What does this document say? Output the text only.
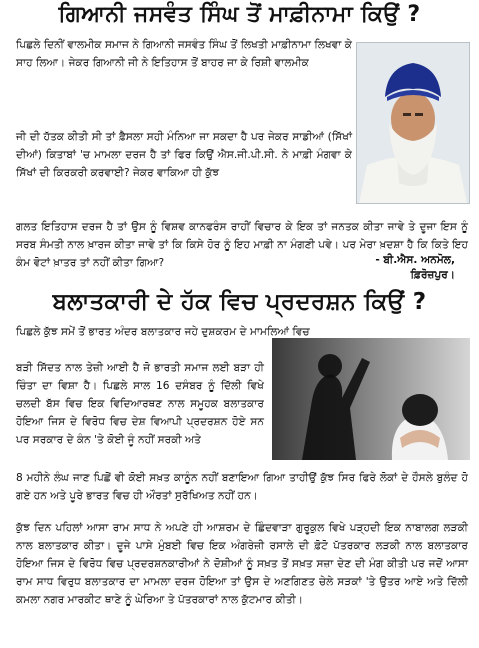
ਗਿਆਨੀ ਜਸਵੰਤ ਸਿੰਘ ਤੋਂ ਮਾਫ਼ੀਨਾਮਾ ਕਿਉਂ ?

ਪਿਛਲੇ ਦਿਨੀਂ ਵਾਲਮੀਕ ਸਮਾਜ ਨੇ ਗਿਆਨੀ ਜਸਵੰਤ ਸਿੰਘ ਤੋਂ ਲਿਖਤੀ ਮਾਫ਼ੀਨਾਮਾ ਲਿਖਵਾ ਕੇ ਸਾਹ ਲਿਆ। ਜੇਕਰ ਗਿਆਨੀ ਜੀ ਨੇ ਇਤਿਹਾਸ ਤੋਂ ਬਾਹਰ ਜਾ ਕੇ ਰਿਸ਼ੀ ਵਾਲਮੀਕ

ਜੀ ਦੀ ਹੱਤਕ ਕੀਤੀ ਸੀ ਤਾਂ ਫ਼ੈਸਲਾ ਸਹੀ ਮੰਨਿਆ ਜਾ ਸਕਦਾ ਹੈ ਪਰ ਜੇਕਰ ਸਾਡੀਆਂ (ਸਿੱਖਾਂ ਦੀਆਂ) ਕਿਤਾਬਾਂ 'ਚ ਮਾਮਲਾ ਦਰਜ ਹੈ ਤਾਂ ਫਿਰ ਕਿਉਂ ਐਸ.ਜੀ.ਪੀ.ਸੀ. ਨੇ ਮਾਫ਼ੀ ਮੰਗਵਾ ਕੇ ਸਿੱਖਾਂ ਦੀ ਕਿਰਕਰੀ ਕਰਵਾਈ? ਜੇਕਰ ਵਾਕਿਆ ਹੀ ਕੁੱਝ

ਗਲਤ ਇਤਿਹਾਸ ਦਰਜ ਹੈ ਤਾਂ ਉਸ ਨੂੰ ਵਿਸ਼ਵ ਕਾਨਫਰੰਸ ਰਾਹੀਂ ਵਿਚਾਰ ਕੇ ਇਕ ਤਾਂ ਜਨਤਕ ਕੀਤਾ ਜਾਵੇ ਤੇ ਦੂਜਾ ਇਸ ਨੂੰ ਸਰਬ ਸੰਮਤੀ ਨਾਲ ਖ਼ਾਰਜ ਕੀਤਾ ਜਾਵੇ ਤਾਂ ਕਿ ਕਿਸੇ ਹੋਰ ਨੂੰ ਇਹ ਮਾਫ਼ੀ ਨਾ ਮੰਗਣੀ ਪਵੇ। ਪਰ ਮੇਰਾ ਖ਼ਦਸ਼ਾ ਹੈ ਕਿ ਕਿਤੇ ਇਹ ਕੰਮ ਵੋਟਾਂ ਖ਼ਾਤਰ ਤਾਂ ਨਹੀਂ ਕੀਤਾ ਗਿਆ?	- ਬੀ.ਐਸ. ਅਨਮੋਲ,
ਫ਼ਿਰੋਜ਼ਪੁਰ।
ਬਲਾਤਕਾਰੀ ਦੇ ਹੱਕ ਵਿਚ ਪ੍ਰਦਰਸ਼ਨ ਕਿਉਂ ?

ਪਿਛਲੇ ਕੁੱਝ ਸਮੇਂ ਤੋਂ ਭਾਰਤ ਅੰਦਰ ਬਲਾਤਕਾਰ ਜਹੇ ਦੁਸ਼ਕਰਮ ਦੇ ਮਾਮਲਿਆਂ ਵਿਚ

ਬੜੀ ਸਿੱਦਤ ਨਾਲ ਤੇਜ਼ੀ ਆਈ ਹੈ ਜੋ ਭਾਰਤੀ ਸਮਾਜ ਲਈ ਬੜਾ ਹੀ ਚਿੰਤਾ ਦਾ ਵਿਸ਼ਾ ਹੈ। ਪਿਛਲੇ ਸਾਲ 16 ਦਸੰਬਰ ਨੂੰ ਦਿੱਲੀ ਵਿਖੇ ਚਲਦੀ ਬੱਸ ਵਿਚ ਇਕ ਵਿਦਿਆਰਥਣ ਨਾਲ ਸਮੂਹਕ ਬਲਾਤਕਾਰ ਹੋਇਆ ਜਿਸ ਦੇ ਵਿਰੋਧ ਵਿਚ ਦੇਸ਼ ਵਿਆਪੀ ਪ੍ਰਦਰਸ਼ਨ ਹੋਏ ਸਨ ਪਰ ਸਰਕਾਰ ਦੇ ਕੰਨ 'ਤੇ ਕੋਈ ਜੂੰ ਨਹੀਂ ਸਰਕੀ ਅਤੇ

8 ਮਹੀਨੇ ਲੰਘ ਜਾਣ ਪਿਛੋਂ ਵੀ ਕੋਈ ਸਖ਼ਤ ਕਾਨੂੰਨ ਨਹੀਂ ਬਣਾਇਆ ਗਿਆ ਤਾਹੀਉਂ ਕੁੱਝ ਸਿਰ ਫਿਰੇ ਲੋਕਾਂ ਦੇ ਹੌਸਲੇ ਬੁਲੰਦ ਹੋ ਗਏ ਹਨ ਅਤੇ ਪੂਰੇ ਭਾਰਤ ਵਿਚ ਹੀ ਔਰਤਾਂ ਸੁਰੱਖਿਅਤ ਨਹੀਂ ਹਨ।

ਕੁੱਝ ਦਿਨ ਪਹਿਲਾਂ ਆਸਾ ਰਾਮ ਸਾਧ ਨੇ ਅਪਣੇ ਹੀ ਆਸ਼ਰਮ ਦੇ ਛਿੰਦਵਾੜਾ ਗੁਰੂਕੁਲ ਵਿਖੇ ਪੜ੍ਹਦੀ ਇਕ ਨਾਬਾਲਗ ਲੜਕੀ ਨਾਲ ਬਲਾਤਕਾਰ ਕੀਤਾ। ਦੂਜੇ ਪਾਸੇ ਮੁੰਬਈ ਵਿਚ ਇਕ ਅੰਗਰੇਜ਼ੀ ਰਸਾਲੇ ਦੀ ਫ਼ੋਟੋ ਪੱਤਰਕਾਰ ਲੜਕੀ ਨਾਲ ਬਲਾਤਕਾਰ ਹੋਇਆ ਜਿਸ ਦੇ ਵਿਰੋਧ ਵਿਚ ਪ੍ਰਦਰਸ਼ਨਕਾਰੀਆਂ ਨੇ ਦੋਸ਼ੀਆਂ ਨੂੰ ਸਖ਼ਤ ਤੋਂ ਸਖ਼ਤ ਸਜ਼ਾ ਦੇਣ ਦੀ ਮੰਗ ਕੀਤੀ ਪਰ ਜਦੋਂ ਆਸਾ ਰਾਮ ਸਾਧ ਵਿਰੁਧ ਬਲਾਤਕਾਰ ਦਾ ਮਾਮਲਾ ਦਰਜ ਹੋਇਆ ਤਾਂ ਉਸ ਦੇ ਅਣਗਿਣਤ ਚੇਲੇ ਸੜਕਾਂ 'ਤੇ ਉਤਰ ਆਏ ਅਤੇ ਦਿੱਲੀ ਕਮਲਾ ਨਗਰ ਮਾਰਕੀਟ ਥਾਣੇ ਨੂੰ ਘੇਰਿਆ ਤੇ ਪੱਤਰਕਾਰਾਂ ਨਾਲ ਕੁੱਟਮਾਰ ਕੀਤੀ।
